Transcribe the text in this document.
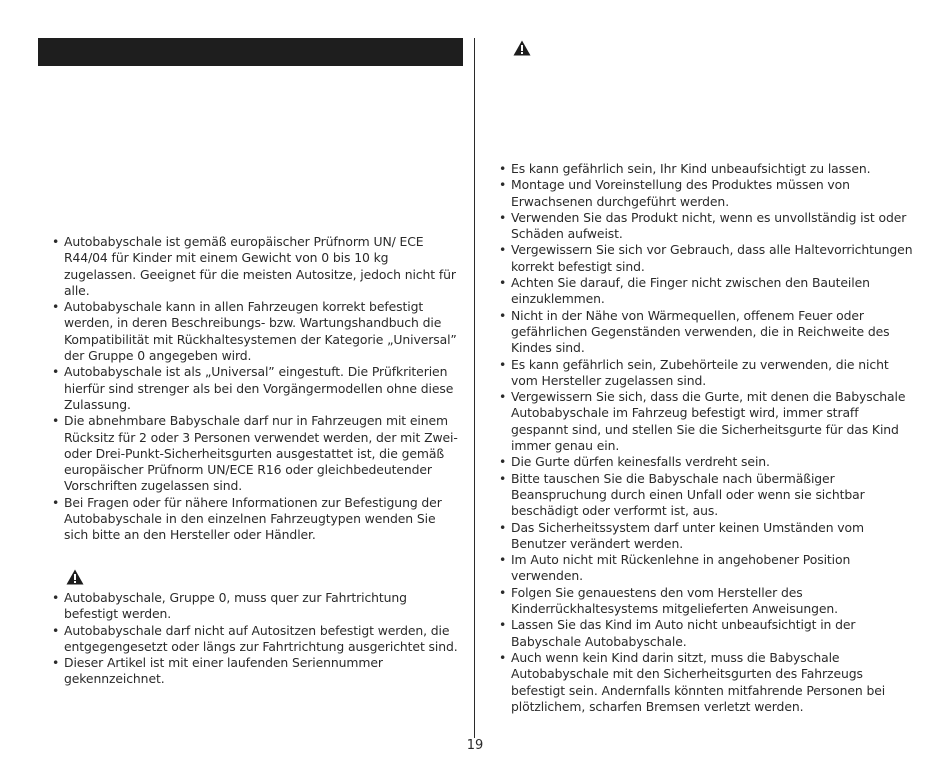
• Autobabyschale ist gemäß europäischer Prüfnorm UN/ ECE R44/04 für Kinder mit einem Gewicht von 0 bis 10 kg zugelassen. Geeignet für die meisten Autositze, jedoch nicht für alle.
• Autobabyschale kann in allen Fahrzeugen korrekt befestigt werden, in deren Beschreibungs- bzw. Wartungshandbuch die Kompatibilität mit Rückhaltesystemen der Kategorie „Universal” der Gruppe 0 angegeben wird.
• Autobabyschale ist als „Universal” eingestuft. Die Prüfkriterien hierfür sind strenger als bei den Vorgängermodellen ohne diese Zulassung.
• Die abnehmbare Babyschale darf nur in Fahrzeugen mit einem Rücksitz für 2 oder 3 Personen verwendet werden, der mit Zwei- oder Drei-Punkt-Sicherheitsgurten ausgestattet ist, die gemäß europäischer Prüfnorm UN/ECE R16 oder gleichbedeutender Vorschriften zugelassen sind.
• Bei Fragen oder für nähere Informationen zur Befestigung der Autobabyschale in den einzelnen Fahrzeugtypen wenden Sie sich bitte an den Hersteller oder Händler.
• Autobabyschale, Gruppe 0, muss quer zur Fahrtrichtung befestigt werden.
• Autobabyschale darf nicht auf Autositzen befestigt werden, die entgegengesetzt oder längs zur Fahrtrichtung ausgerichtet sind.
• Dieser Artikel ist mit einer laufenden Seriennummer gekennzeichnet.
• Es kann gefährlich sein, Ihr Kind unbeaufsichtigt zu lassen.
• Montage und Voreinstellung des Produktes müssen von Erwachsenen durchgeführt werden.
• Verwenden Sie das Produkt nicht, wenn es unvollständig ist oder Schäden aufweist.
• Vergewissern Sie sich vor Gebrauch, dass alle Haltevorrichtungen korrekt befestigt sind.
• Achten Sie darauf, die Finger nicht zwischen den Bauteilen einzuklemmen.
• Nicht in der Nähe von Wärmequellen, offenem Feuer oder gefährlichen Gegenständen verwenden, die in Reichweite des Kindes sind.
• Es kann gefährlich sein, Zubehörteile zu verwenden, die nicht vom Hersteller zugelassen sind.
• Vergewissern Sie sich, dass die Gurte, mit denen die Babyschale Autobabyschale im Fahrzeug befestigt wird, immer straff gespannt sind, und stellen Sie die Sicherheitsgurte für das Kind immer genau ein.
• Die Gurte dürfen keinesfalls verdreht sein.
• Bitte tauschen Sie die Babyschale nach übermäßiger Beanspruchung durch einen Unfall oder wenn sie sichtbar beschädigt oder verformt ist, aus.
• Das Sicherheitssystem darf unter keinen Umständen vom Benutzer verändert werden.
• Im Auto nicht mit Rückenlehne in angehobener Position verwenden.
• Folgen Sie genauestens den vom Hersteller des Kinderrückhaltesystems mitgelieferten Anweisungen.
• Lassen Sie das Kind im Auto nicht unbeaufsichtigt in der Babyschale Autobabyschale.
• Auch wenn kein Kind darin sitzt, muss die Babyschale Autobabyschale mit den Sicherheitsgurten des Fahrzeugs befestigt sein. Andernfalls könnten mitfahrende Personen bei plötzlichem, scharfen Bremsen verletzt werden.
19
